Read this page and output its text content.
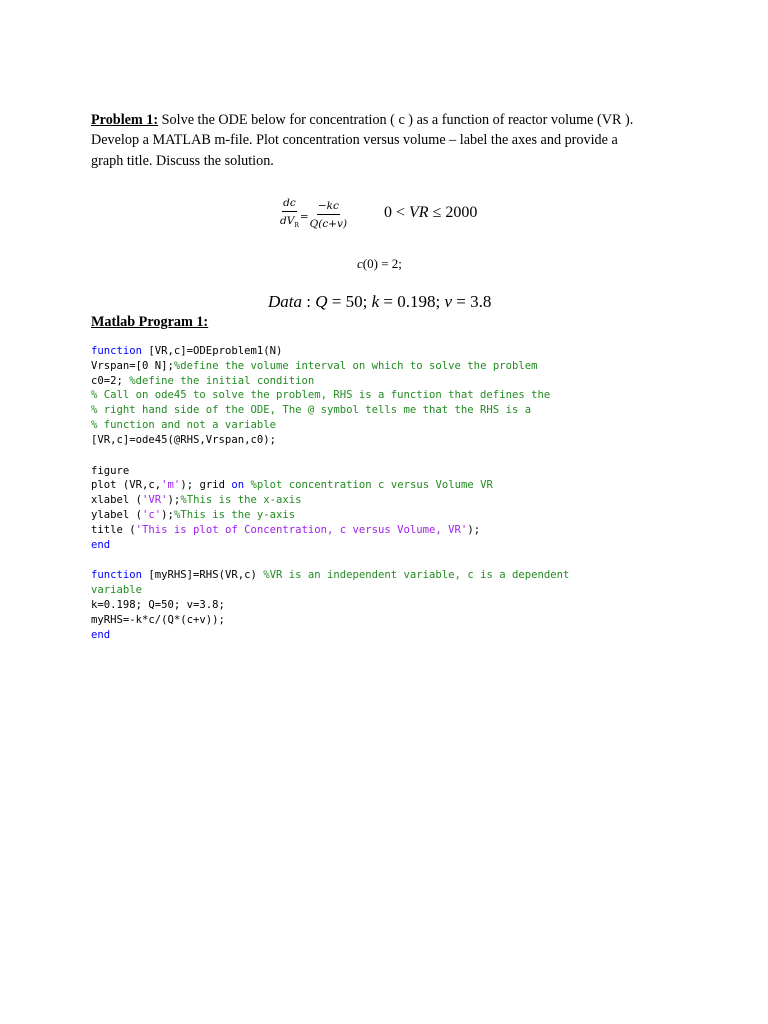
Problem 1: Solve the ODE below for concentration ( c ) as a function of reactor volume (VR ).
Develop a MATLAB m-file. Plot concentration versus volume – label the axes and provide a
graph title. Discuss the solution.
$\frac{dc}{dV_R} = \frac{-kc}{Q(c+v)} 0$ < VR ≤ 2000
c(0) = 2;
Data : Q = 50; k = 0.198; v = 3.8
Matlab Program 1:
function [VR,c]=ODEproblem1(N)
Vrspan=[0 N];%define the volume interval on which to solve the problem
c0=2; %define the initial condition
% Call on ode45 to solve the problem, RHS is a function that defines the
% right hand side of the ODE, The @ symbol tells me that the RHS is a
% function and not a variable
[VR,c]=ode45(@RHS,Vrspan,c0);
figure
plot (VR,c,'m'); grid on %plot concentration c versus Volume VR
xlabel ('VR');%This is the x-axis
ylabel ('c');%This is the y-axis
title ('This is plot of Concentration, c versus Volume, VR');
end
function [myRHS]=RHS(VR,c) %VR is an independent variable, c is a dependent
variable
k=0.198; Q=50; v=3.8;
myRHS=-k*c/(Q*(c+v));
end
